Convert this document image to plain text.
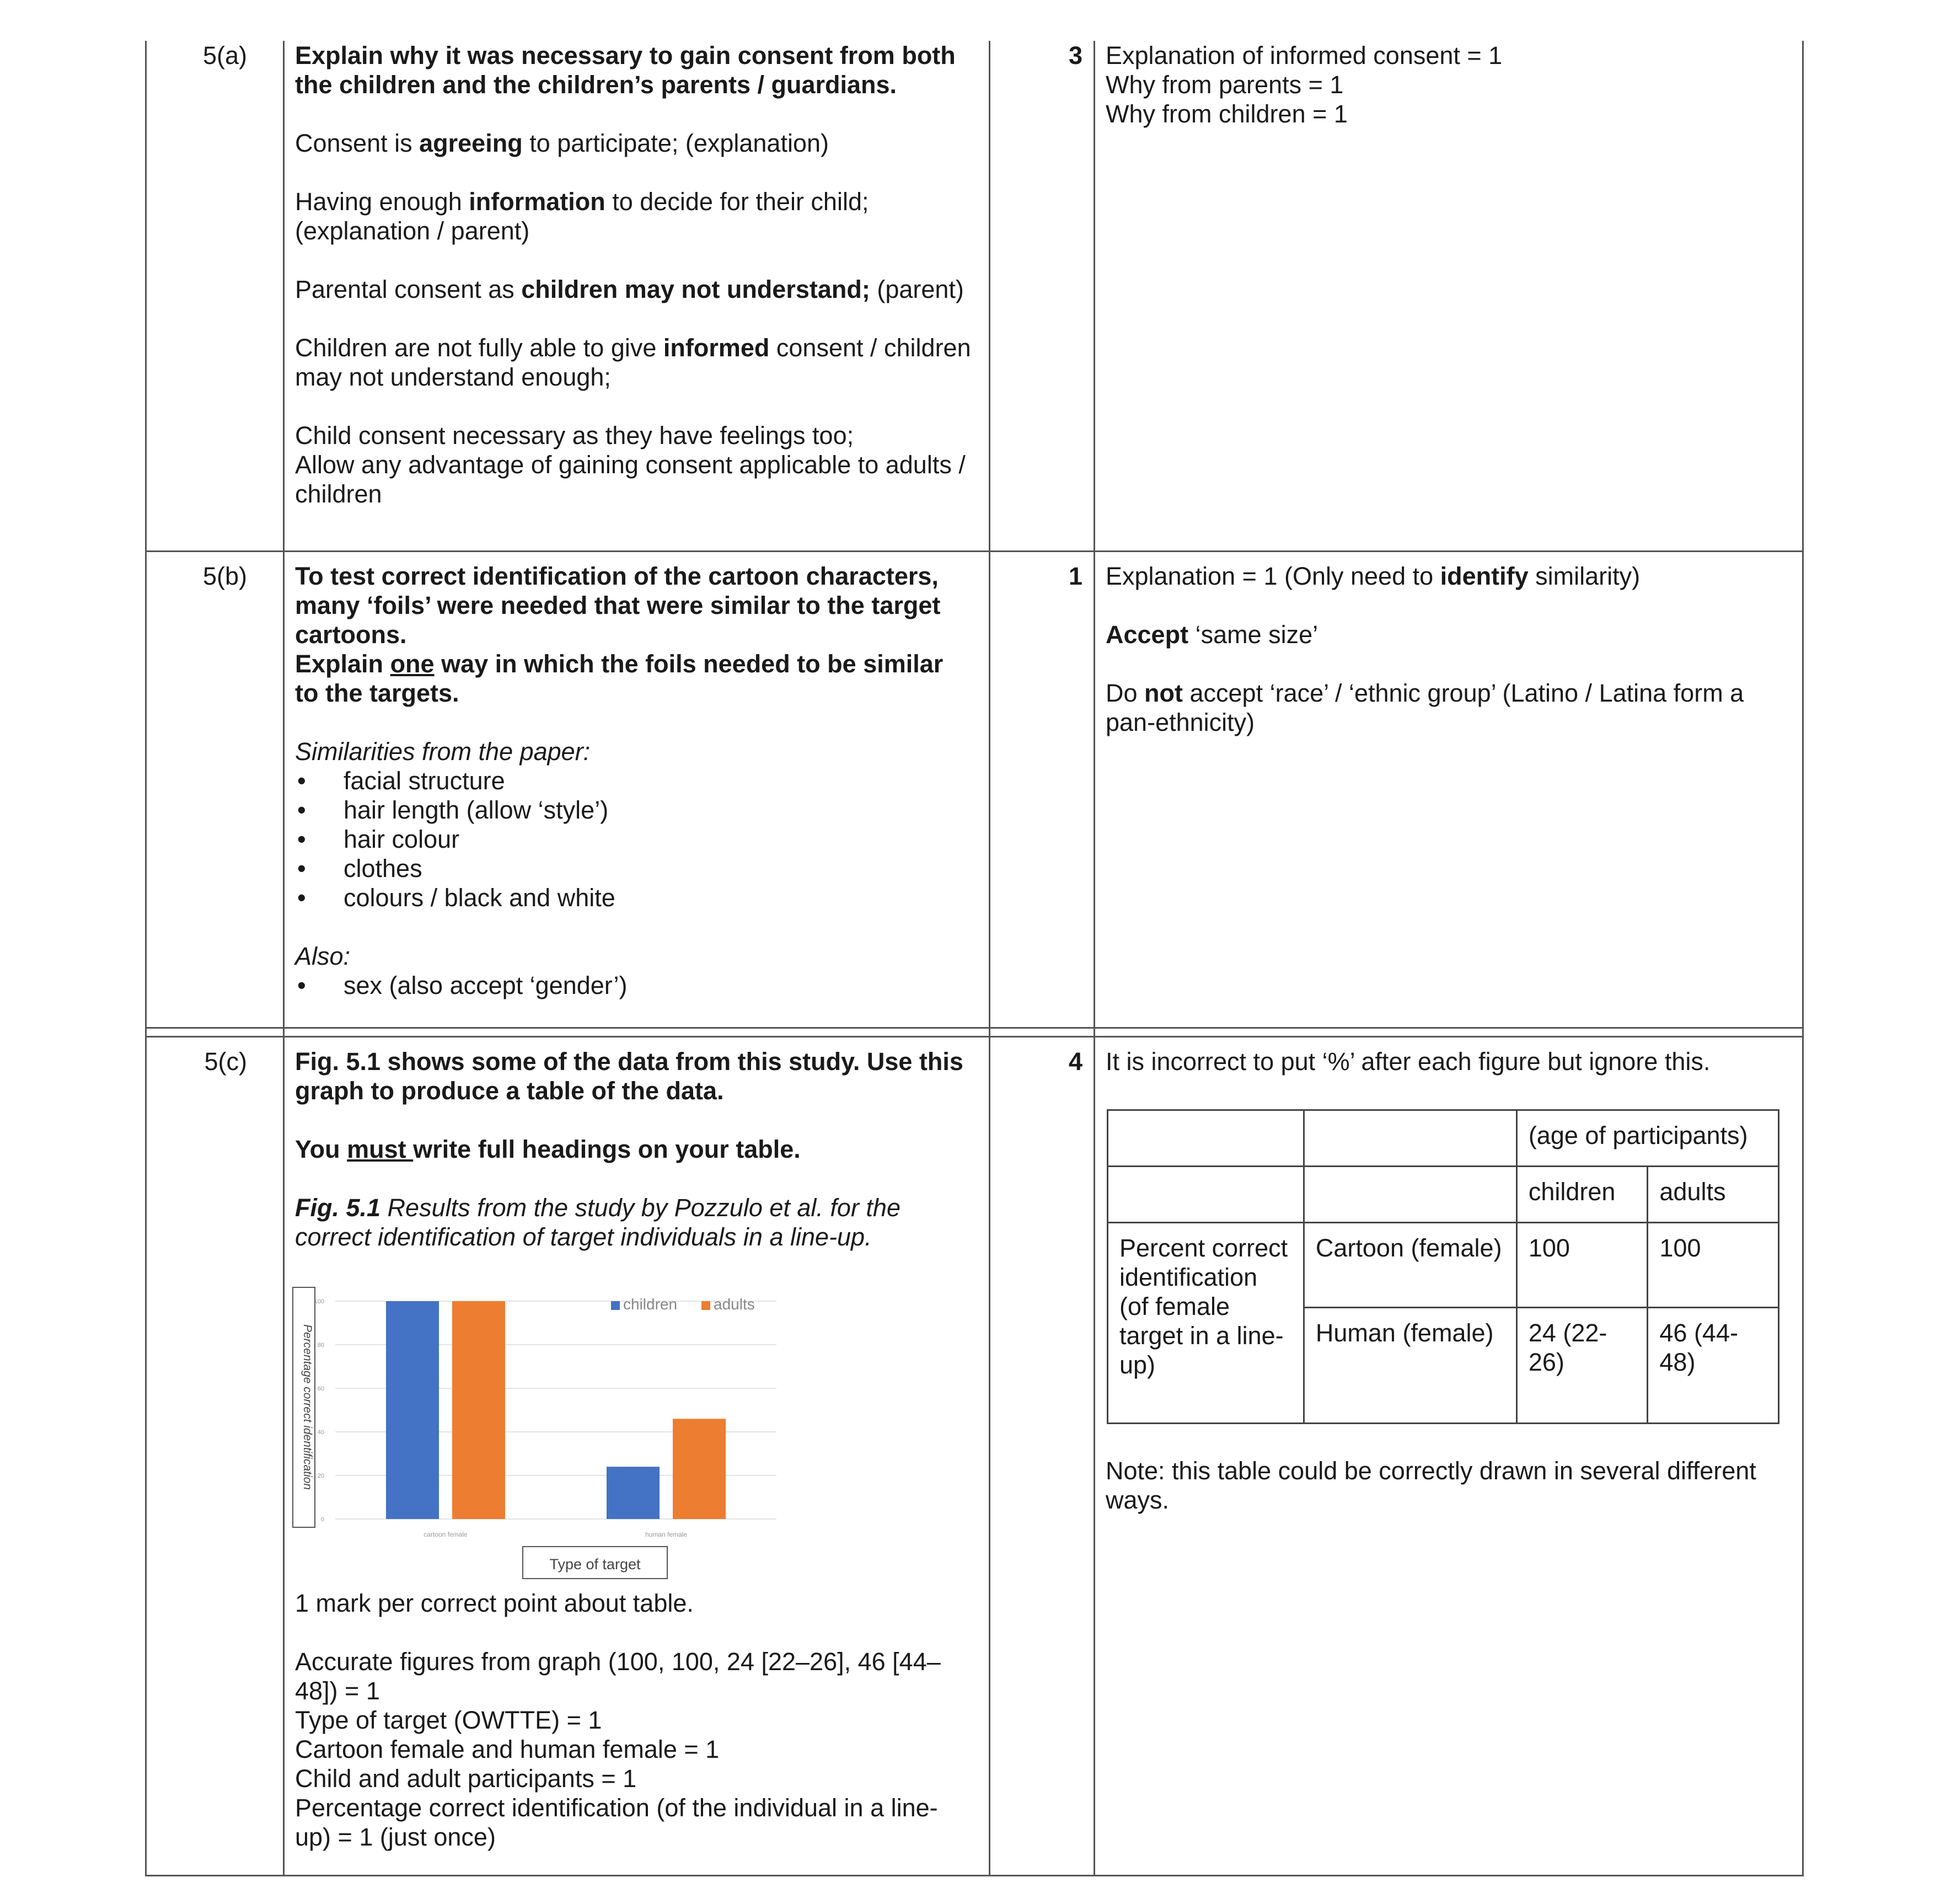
5(a) Explain why it was necessary to gain consent from both the children and the children’s parents / guardians.

Consent is agreeing to participate; (explanation)

Having enough information to decide for their child; (explanation / parent)

Parental consent as children may not understand; (parent)

Children are not fully able to give informed consent / children may not understand enough;

Child consent necessary as they have feelings too;

Allow any advantage of gaining consent applicable to adults / children

3 Explanation of informed consent = 1

Why from parents = 1

Why from children = 1

5(b) To test correct identification of the cartoon characters, many ‘foils’ were needed that were similar to the target cartoons.

Explain one way in which the foils needed to be similar to the targets.

Similarities from the paper:

• facial structure
• hair length (allow ‘style’)
• hair colour
• clothes
• colours / black and white

Also:

• sex (also accept ‘gender’)
1 Explanation = 1 (Only need to identify similarity)

Accept ‘same size’

Do not accept ‘race’ / ‘ethnic group’ (Latino / Latina form a pan-ethnicity)

5(c) Fig. 5.1 shows some of the data from this study. Use this graph to produce a table of the data.

You must write full headings on your table.

Fig. 5.1 Results from the study by Pozzulo et al. for the correct identification of target individuals in a line-up.

Percentage correct identification
0
20
40
60
80
100
cartoon female	human female
children adults
Type of target

1 mark per correct point about table.

Accurate figures from graph (100, 100, 24 [22–26], 46 [44–48]) = 1

Type of target (OWTTE) = 1

Cartoon female and human female = 1

Child and adult participants = 1

Percentage correct identification (of the individual in a line-up) = 1 (just once)

4 It is incorrect to put ‘%’ after each figure but ignore this.
		(age of participants)	
		children	adults
Percent correct identification (of female target in a line-up)	Cartoon (female)	100	100
	Human (female)	24 (22-26)	46 (44-48)
Note: this table could be correctly drawn in several different ways.
